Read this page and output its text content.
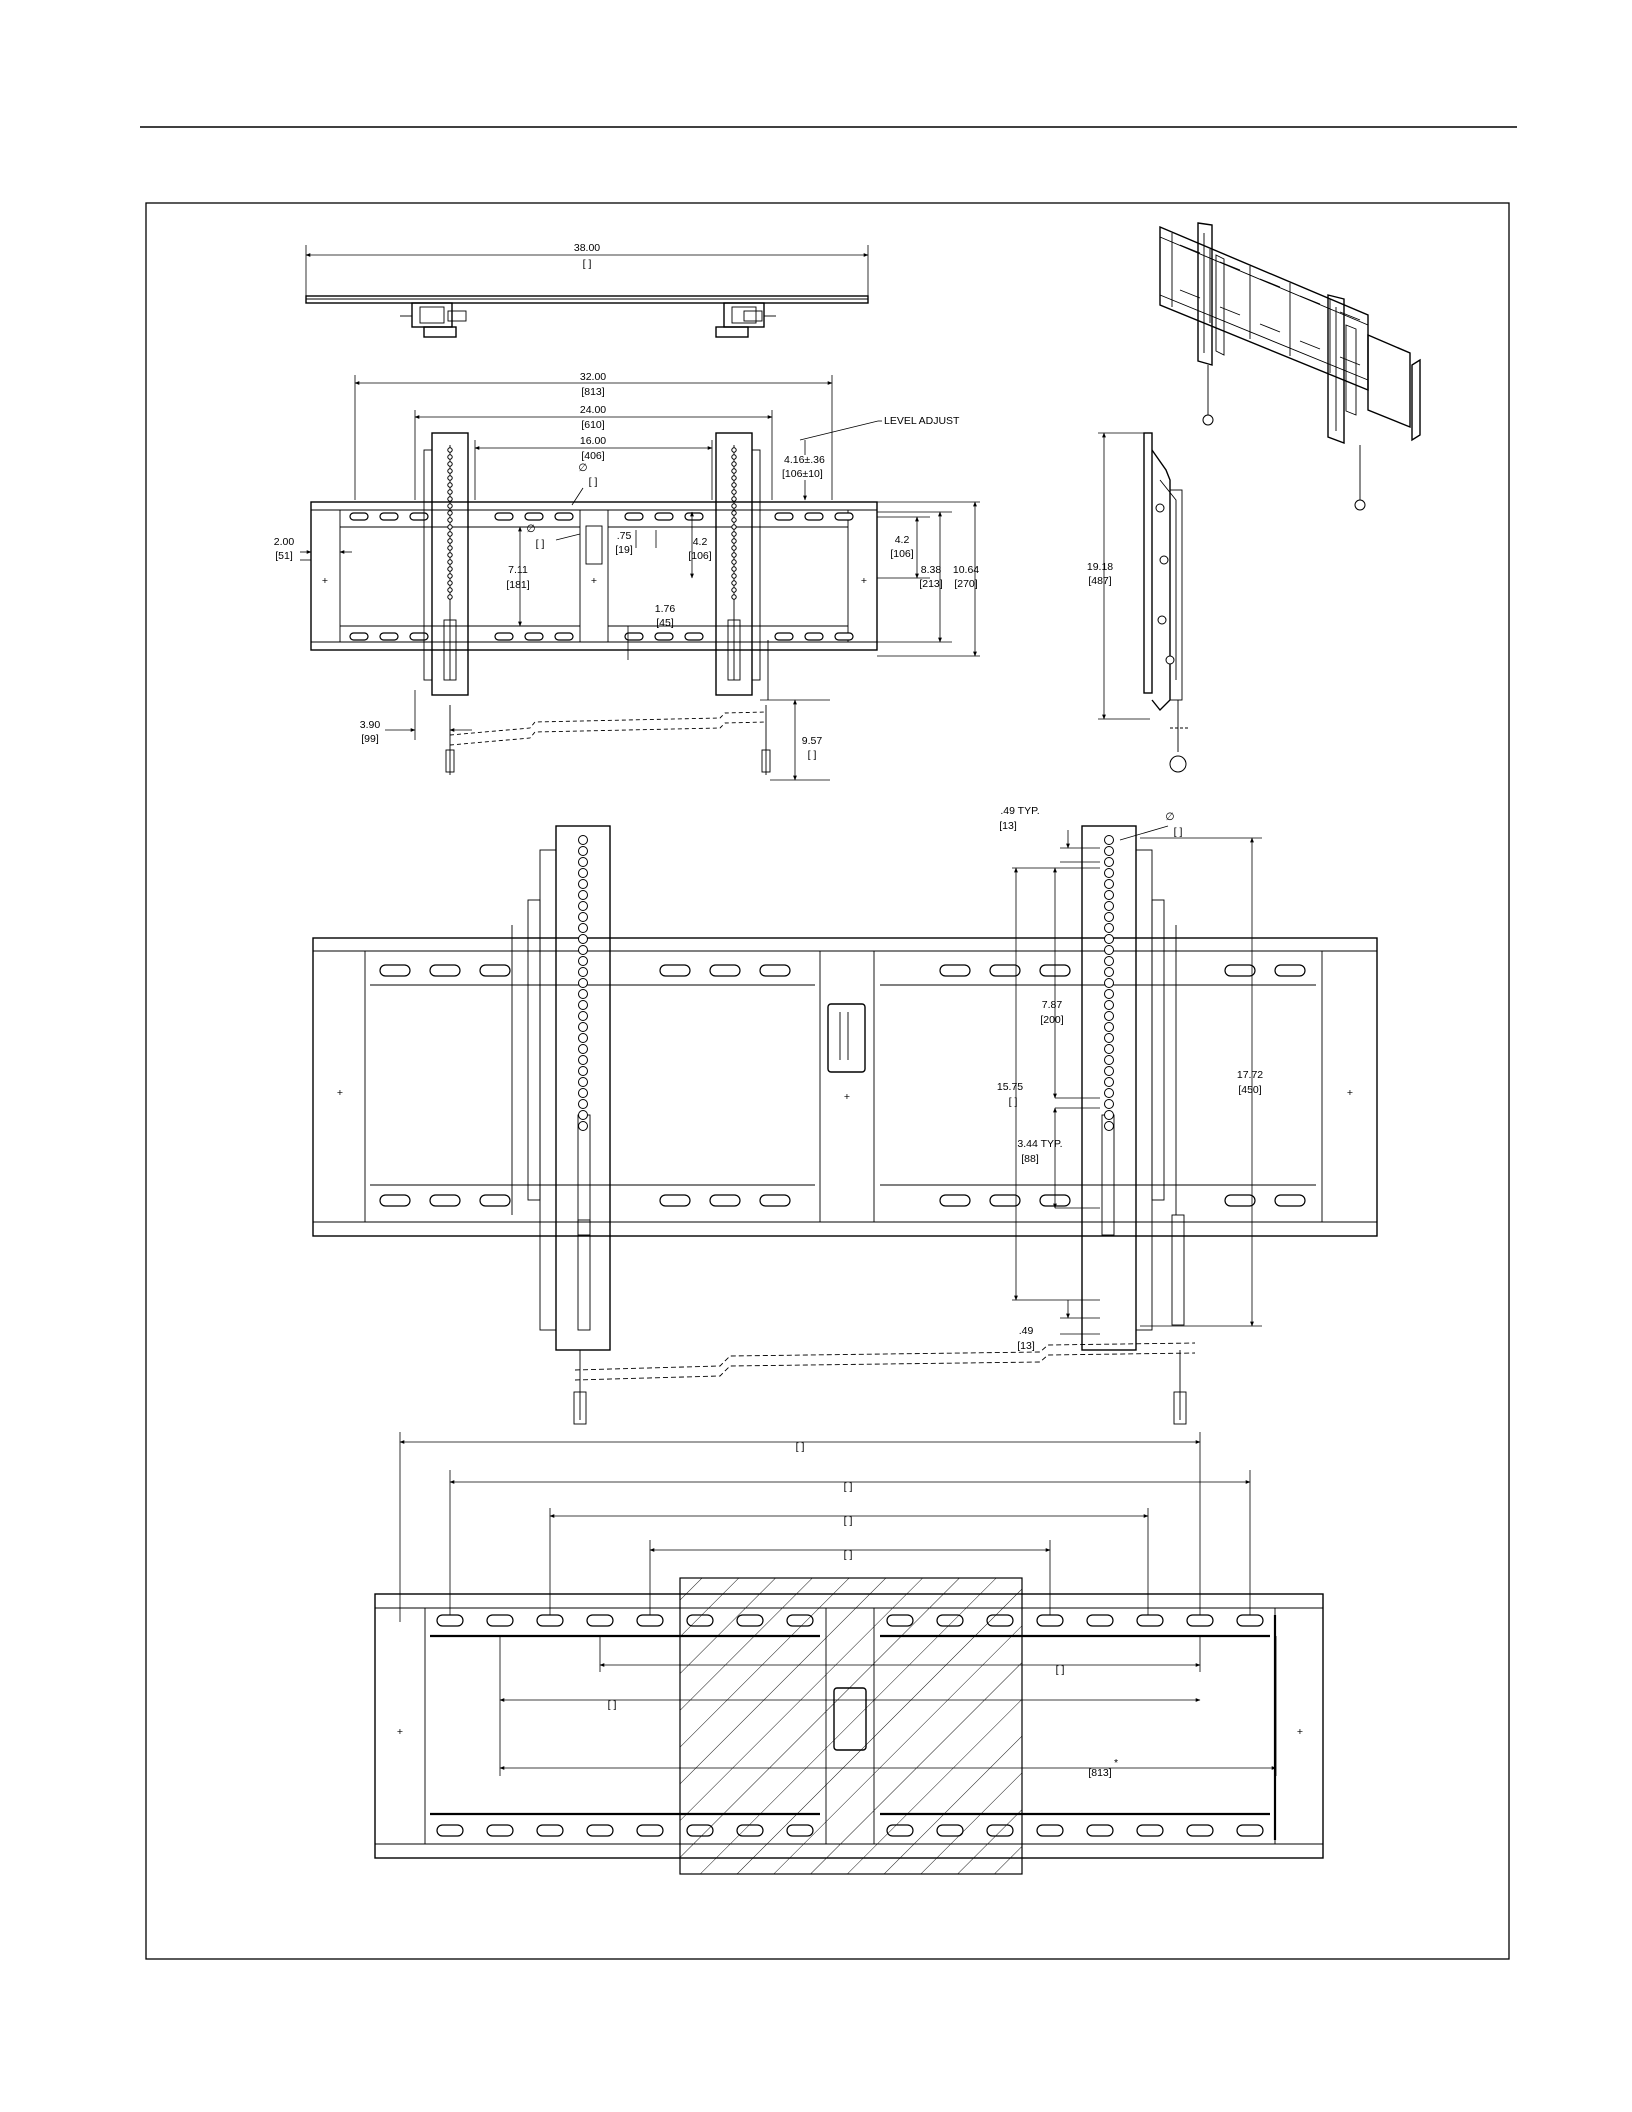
38.00
[ ]
+	+
+
32.00
[813]
24.00
[610]
16.00
[406]
∅
[ ]
LEVEL ADJUST
4.16±.36
[106±10]
2.00
[51]
∅
[ ]
7.11
[181]
.75
[19]
4.2
[106]
1.76
[45]
4.2
[106]
8.38
[213]
10.64
[270]
3.90
[99]	9.57
[ ]
19.18
[487]
+	+
+
∅
[ ]
.49 TYP.
[13]
15.75
[ ]
7.87
[200]
3.44 TYP.
[88]
.49
[13]
17.72
[450]
[ ]
[ ]
[ ]
[ ]
+	+
[ ]
[ ]
[813]
*
